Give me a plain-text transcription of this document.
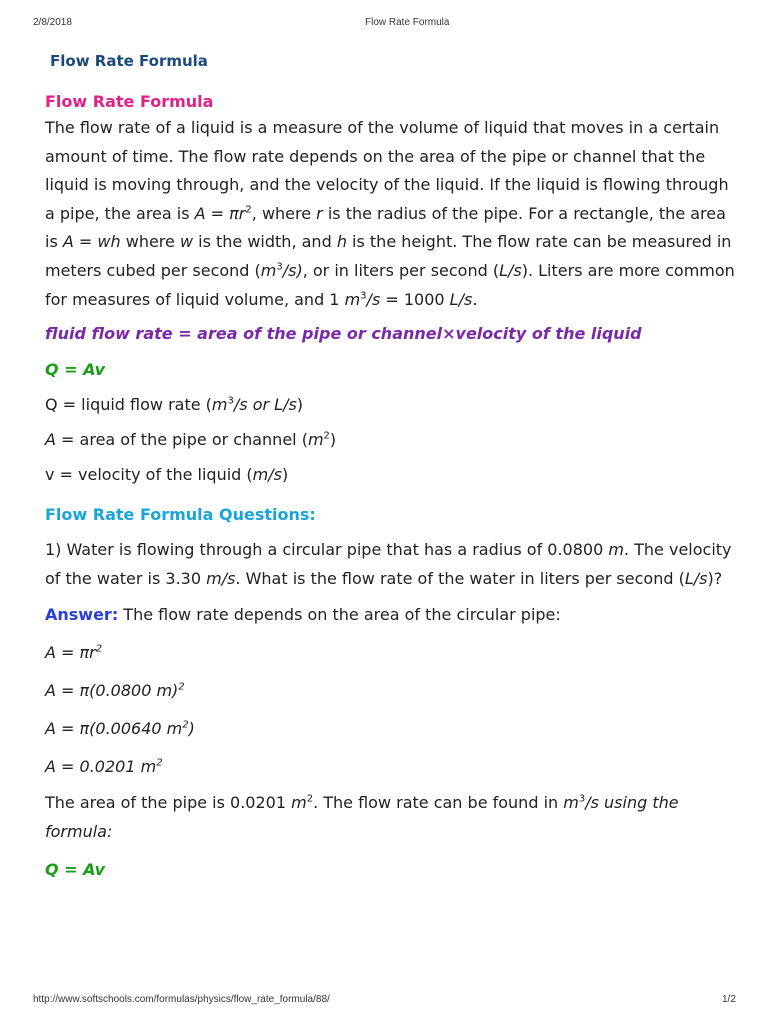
2/8/2018	Flow Rate Formula
Flow Rate Formula
Flow Rate Formula

The flow rate of a liquid is a measure of the volume of liquid that moves in a certain amount of time. The flow rate depends on the area of the pipe or channel that the liquid is moving through, and the velocity of the liquid. If the liquid is flowing through a pipe, the area is $A = \pi r^2$, where r is the radius of the pipe. For a rectangle, the area is A = wh where w is the width, and h is the height. The flow rate can be measured in meters cubed per second $(m^3/s)$, or in liters per second (L/s). Liters are more common for measures of liquid volume, and 1 $m^3/s = 1000$ L/s.

fluid flow rate = area of the pipe or channel×velocity of the liquid

Q = Av

Q = liquid flow rate ($m^3/s$ or L/s)

A = area of the pipe or channel $(m^2)$

v = velocity of the liquid (m/s)

Flow Rate Formula Questions:

1) Water is flowing through a circular pipe that has a radius of 0.0800 m. The velocity of the water is 3.30 m/s. What is the flow rate of the water in liters per second (L/s)?

Answer: The flow rate depends on the area of the circular pipe:

$A = \pi r^2$

A = π(0.0800 m)$^2$

A = π(0.00640 $m^2$)

A = 0.0201 $m^2$

The area of the pipe is 0.0201 $m^2$. The flow rate can be found in $m^3/s$ using the formula:

Q = Av

http://www.softschools.com/formulas/physics/flow_rate_formula/88/	1/2
